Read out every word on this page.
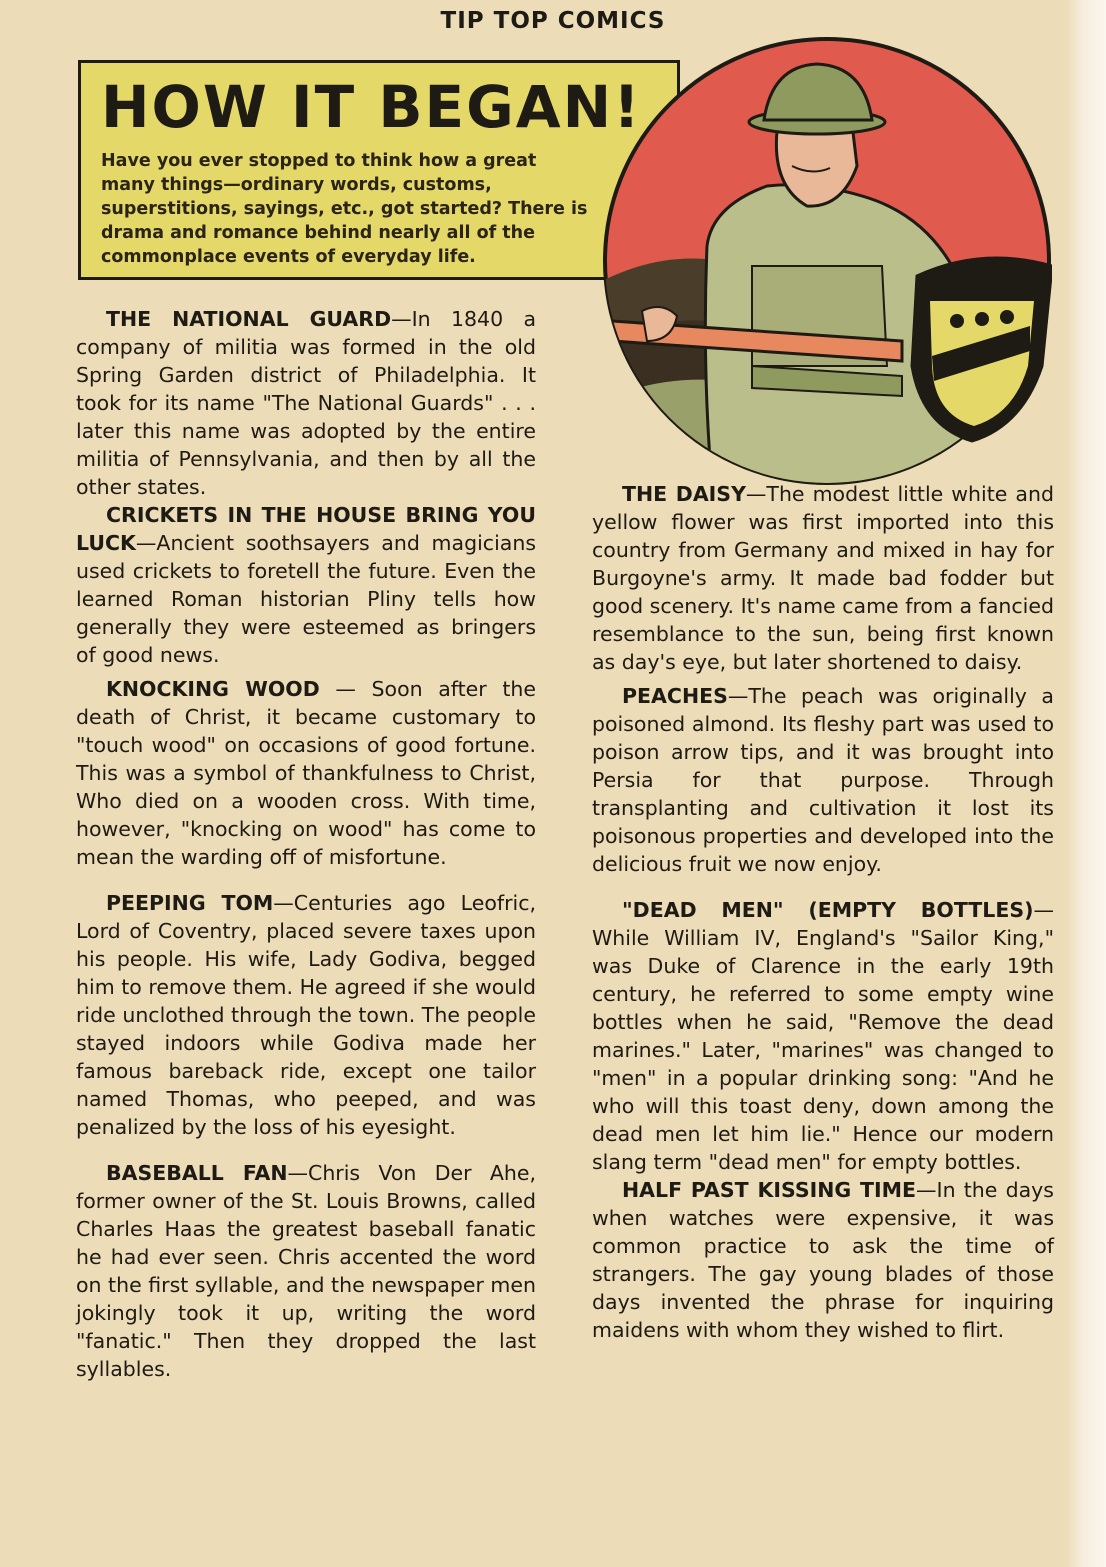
TIP TOP COMICS
HOW IT BEGAN!
Have you ever stopped to think how a great many things—ordinary words, customs, superstitions, sayings, etc., got started? There is drama and romance behind nearly all of the commonplace events of everyday life.

THE NATIONAL GUARD—In 1840 a company of militia was formed in the old Spring Garden district of Philadelphia. It took for its name "The National Guards" . . . later this name was adopted by the entire militia of Pennsylvania, and then by all the other states.

CRICKETS IN THE HOUSE BRING YOU LUCK—Ancient soothsayers and magicians used crickets to foretell the future. Even the learned Roman historian Pliny tells how generally they were esteemed as bringers of good news.

KNOCKING WOOD — Soon after the death of Christ, it became customary to "touch wood" on occasions of good fortune. This was a symbol of thankfulness to Christ, Who died on a wooden cross. With time, however, "knocking on wood" has come to mean the warding off of misfortune.

PEEPING TOM—Centuries ago Leofric, Lord of Coventry, placed severe taxes upon his people. His wife, Lady Godiva, begged him to remove them. He agreed if she would ride unclothed through the town. The people stayed indoors while Godiva made her famous bareback ride, except one tailor named Thomas, who peeped, and was penalized by the loss of his eyesight.

BASEBALL FAN—Chris Von Der Ahe, former owner of the St. Louis Browns, called Charles Haas the greatest baseball fanatic he had ever seen. Chris accented the word on the first syllable, and the newspaper men jokingly took it up, writing the word "fanatic." Then they dropped the last syllables.

THE DAISY—The modest little white and yellow flower was first imported into this country from Germany and mixed in hay for Burgoyne's army. It made bad fodder but good scenery. It's name came from a fancied resemblance to the sun, being first known as day's eye, but later shortened to daisy.

PEACHES—The peach was originally a poisoned almond. Its fleshy part was used to poison arrow tips, and it was brought into Persia for that purpose. Through transplanting and cultivation it lost its poisonous properties and developed into the delicious fruit we now enjoy.

"DEAD MEN" (EMPTY BOTTLES)—While William IV, England's "Sailor King," was Duke of Clarence in the early 19th century, he referred to some empty wine bottles when he said, "Remove the dead marines." Later, "marines" was changed to "men" in a popular drinking song: "And he who will this toast deny, down among the dead men let him lie." Hence our modern slang term "dead men" for empty bottles.

HALF PAST KISSING TIME—In the days when watches were expensive, it was common practice to ask the time of strangers. The gay young blades of those days invented the phrase for inquiring maidens with whom they wished to flirt.
